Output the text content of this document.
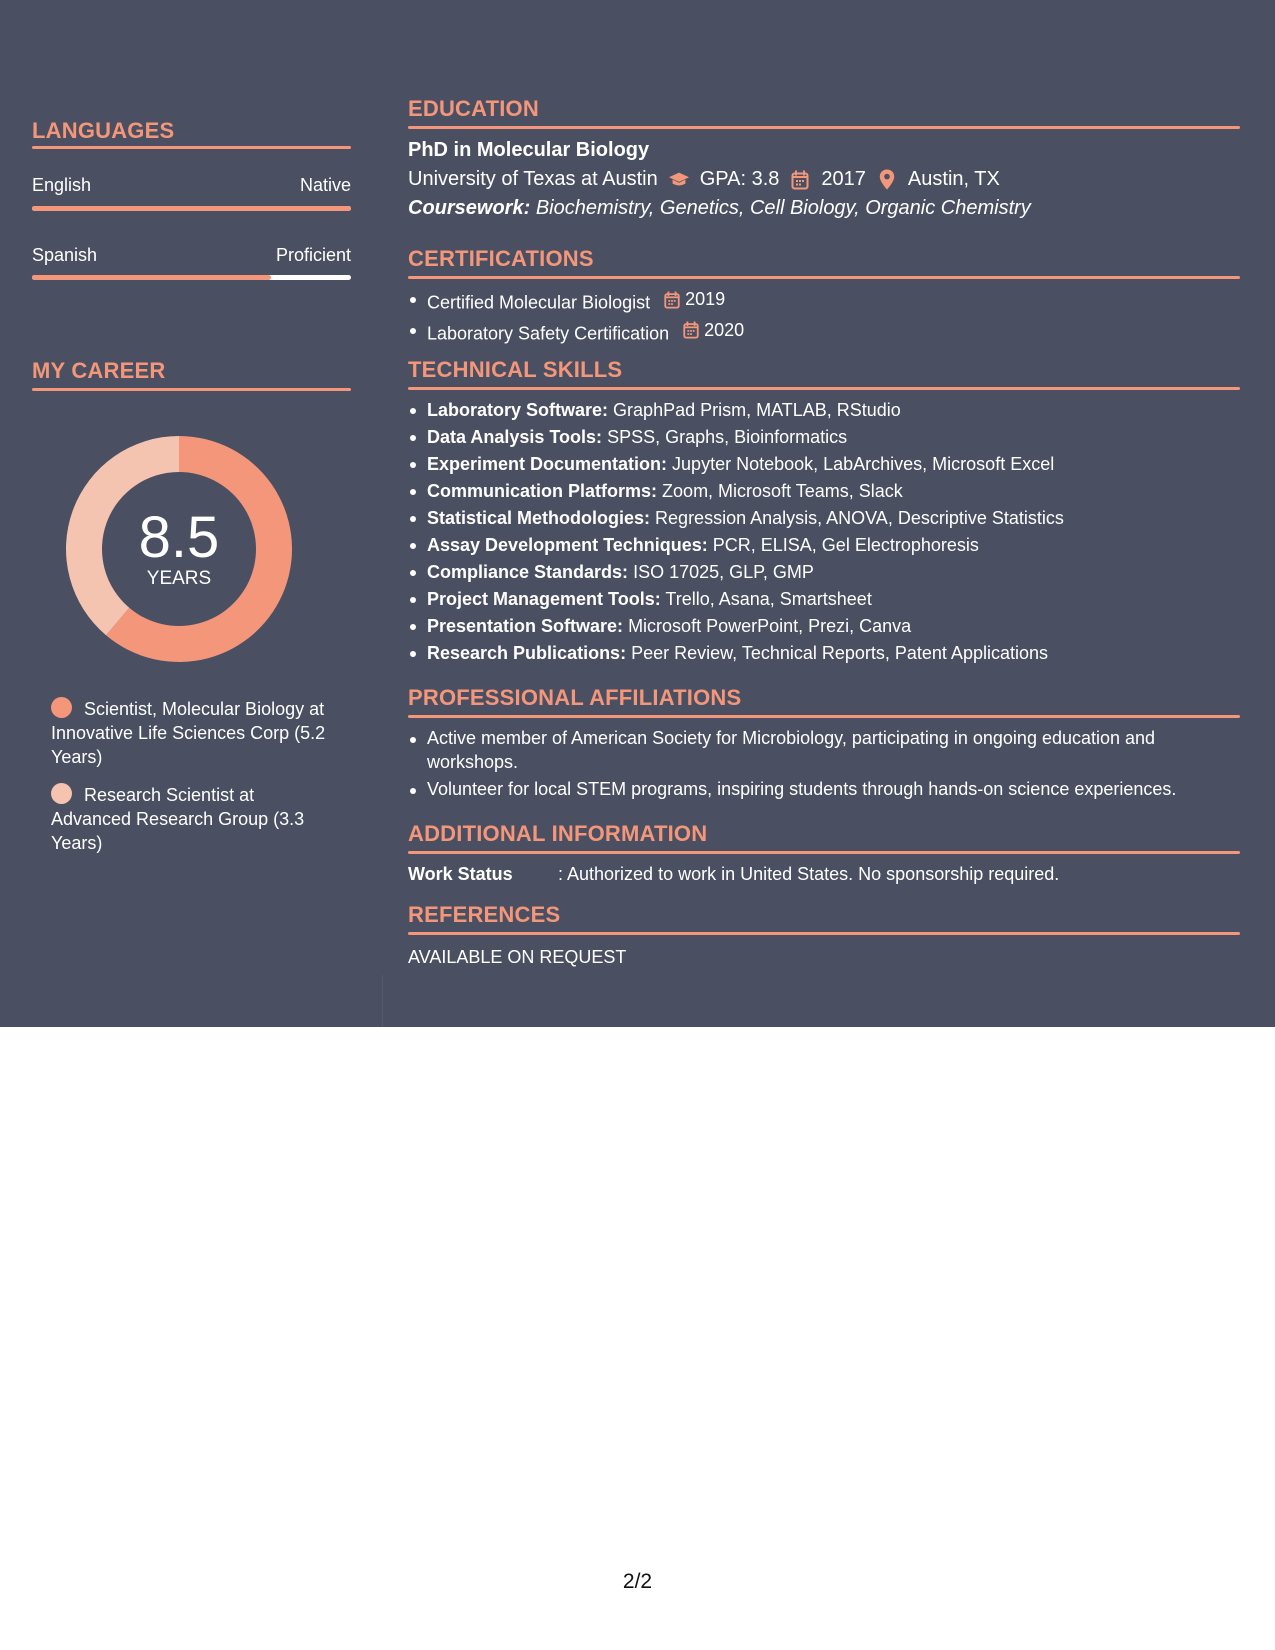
LANGUAGES
English	Native
Spanish	Proficient
MY CAREER
8.5
YEARS
Scientist, Molecular Biology at Innovative Life Sciences Corp (5.2 Years)
Research Scientist at Advanced Research Group (3.3 Years)
EDUCATION
PhD in Molecular Biology
University of Texas at Austin GPA: 3.8 2017 Austin, TX
Coursework: Biochemistry, Genetics, Cell Biology, Organic Chemistry
CERTIFICATIONS
Certified Molecular Biologist 2019
Laboratory Safety Certification 2020
TECHNICAL SKILLS
Laboratory Software: GraphPad Prism, MATLAB, RStudio
Data Analysis Tools: SPSS, Graphs, Bioinformatics
Experiment Documentation: Jupyter Notebook, LabArchives, Microsoft Excel
Communication Platforms: Zoom, Microsoft Teams, Slack
Statistical Methodologies: Regression Analysis, ANOVA, Descriptive Statistics
Assay Development Techniques: PCR, ELISA, Gel Electrophoresis
Compliance Standards: ISO 17025, GLP, GMP
Project Management Tools: Trello, Asana, Smartsheet
Presentation Software: Microsoft PowerPoint, Prezi, Canva
Research Publications: Peer Review, Technical Reports, Patent Applications
PROFESSIONAL AFFILIATIONS
Active member of American Society for Microbiology, participating in ongoing education and workshops.
Volunteer for local STEM programs, inspiring students through hands-on science experiences.
ADDITIONAL INFORMATION
Work Status	: Authorized to work in United States. No sponsorship required.
REFERENCES
AVAILABLE ON REQUEST
2/2
